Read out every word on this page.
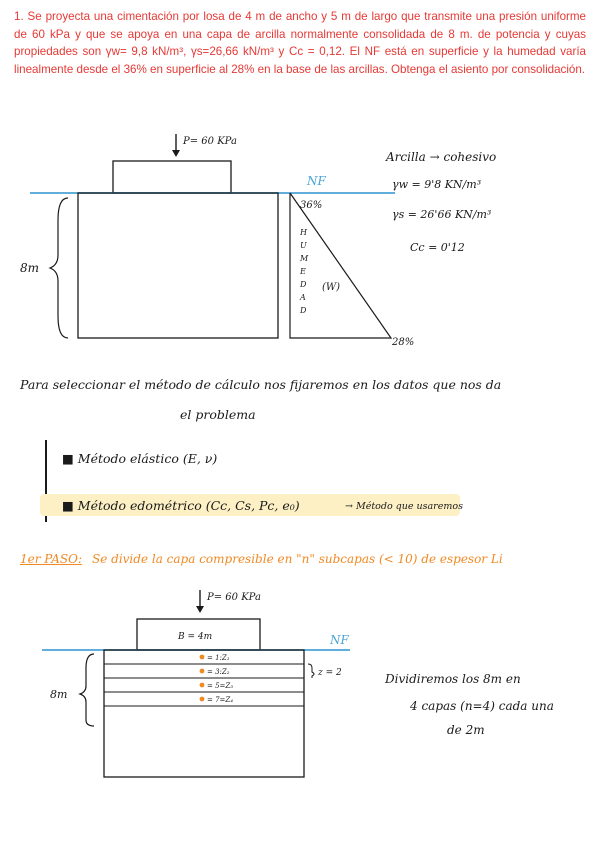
1. Se proyecta una cimentación por losa de 4 m de ancho y 5 m de largo que transmite una presión uniforme de 60 kPa y que se apoya en una capa de arcilla normalmente consolidada de 8 m. de potencia y cuyas propiedades son γw= 9,8 kN/m³, γs=26,66 kN/m³ y Cc = 0,12. El NF está en superficie y la humedad varía linealmente desde el 36% en superficie al 28% en la base de las arcillas. Obtenga el asiento por consolidación.
P= 60 KPa
NF
8m
36%
28%
(W)
H
U
M
E
D
A
D
Arcilla → cohesivo
γw = 9'8 KN/m³
γs = 26'66 KN/m³
Cc = 0'12
Para seleccionar el método de cálculo nos fijaremos en los datos que nos da
el problema
■ Método elástico (E, ν)
■ Método edométrico (Cc, Cs, Pc, e₀)	→ Método que usaremos
1er PASO: Se divide la capa compresible en "n" subcapas (< 10) de espesor Li
P= 60 KPa
B = 4m	NF
= 1:Z₁
= 3:Z₂
= 5=Z₃
= 7=Z₄
z = 2
8m
Dividiremos los 8m en
4 capas (n=4) cada una
de 2m
